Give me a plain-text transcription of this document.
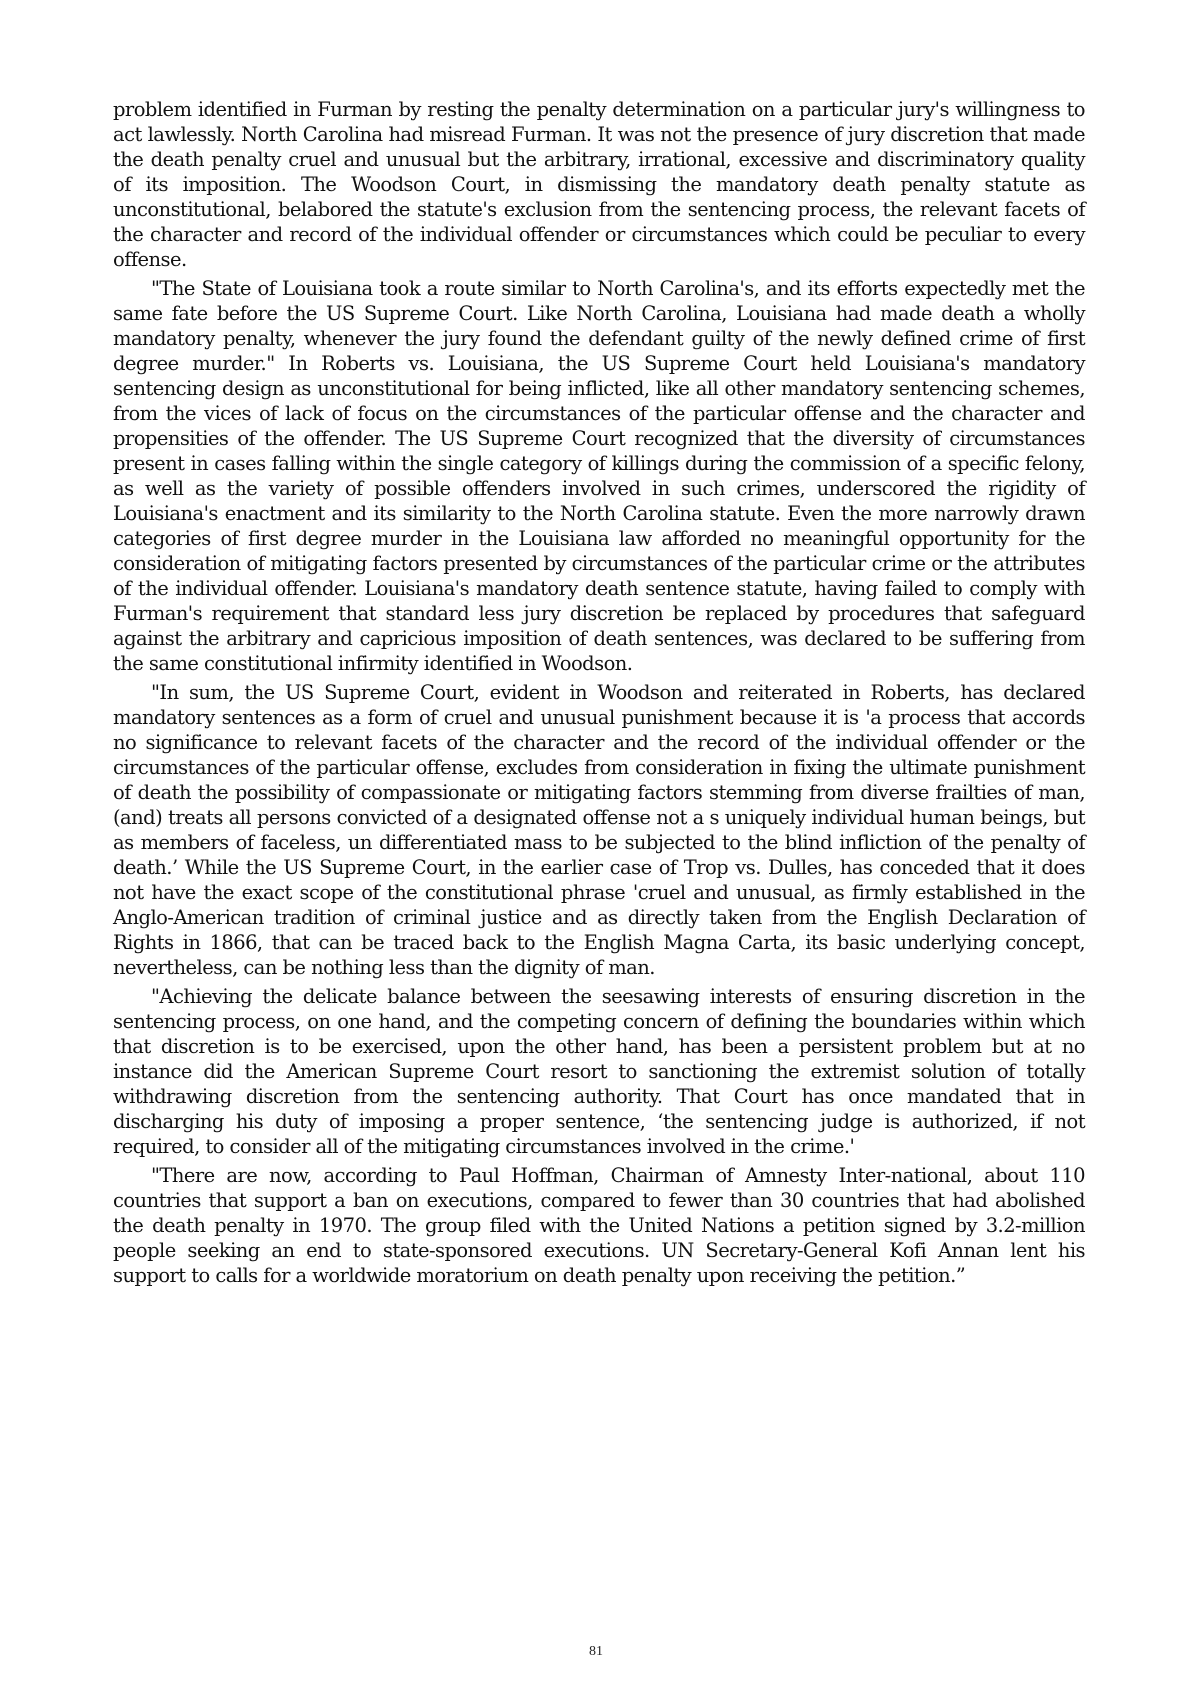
problem identified in Furman by resting the penalty determination on a particular jury's willingness to act lawlessly. North Carolina had misread Furman. It was not the presence of jury discretion that made the death penalty cruel and unusual but the arbitrary, irrational, excessive and discriminatory quality of its imposition. The Woodson Court, in dismissing the mandatory death penalty statute as unconstitutional, belabored the statute's exclusion from the sentencing process, the relevant facets of the character and record of the individual offender or circumstances which could be peculiar to every offense.

"The State of Louisiana took a route similar to North Carolina's, and its efforts expectedly met the same fate before the US Supreme Court. Like North Carolina, Louisiana had made death a wholly mandatory penalty, whenever the jury found the defendant guilty of the newly defined crime of first degree murder." In Roberts vs. Louisiana, the US Supreme Court held Louisiana's mandatory sentencing design as unconstitutional for being inflicted, like all other mandatory sentencing schemes, from the vices of lack of focus on the circumstances of the particular offense and the character and propensities of the offender. The US Supreme Court recognized that the diversity of circumstances present in cases falling within the single category of killings during the commission of a specific felony, as well as the variety of possible offenders involved in such crimes, underscored the rigidity of Louisiana's enactment and its similarity to the North Carolina statute. Even the more narrowly drawn categories of first degree murder in the Louisiana law afforded no meaningful opportunity for the consideration of mitigating factors presented by circumstances of the particular crime or the attributes of the individual offender. Louisiana's mandatory death sentence statute, having failed to comply with Furman's requirement that standard less jury discretion be replaced by procedures that safeguard against the arbitrary and capricious imposition of death sentences, was declared to be suffering from the same constitutional infirmity identified in Woodson.

"In sum, the US Supreme Court, evident in Woodson and reiterated in Roberts, has declared mandatory sentences as a form of cruel and unusual punishment because it is 'a process that accords no significance to relevant facets of the character and the record of the individual offender or the circumstances of the particular offense, excludes from consideration in fixing the ultimate punishment of death the possibility of compassionate or mitigating factors stemming from diverse frailties of man, (and) treats all persons convicted of a designated offense not a s uniquely individual human beings, but as members of faceless, un differentiated mass to be subjected to the blind infliction of the penalty of death.’ While the US Supreme Court, in the earlier case of Trop vs. Dulles, has conceded that it does not have the exact scope of the constitutional phrase 'cruel and unusual, as firmly established in the Anglo-American tradition of criminal justice and as directly taken from the English Declaration of Rights in 1866, that can be traced back to the English Magna Carta, its basic underlying concept, nevertheless, can be nothing less than the dignity of man.

"Achieving the delicate balance between the seesawing interests of ensuring discretion in the sentencing process, on one hand, and the competing concern of defining the boundaries within which that discretion is to be exercised, upon the other hand, has been a persistent problem but at no instance did the American Supreme Court resort to sanctioning the extremist solution of totally withdrawing discretion from the sentencing authority. That Court has once mandated that in discharging his duty of imposing a proper sentence, ‘the sentencing judge is authorized, if not required, to consider all of the mitigating circumstances involved in the crime.'

"There are now, according to Paul Hoffman, Chairman of Amnesty Inter-national, about 110 countries that support a ban on executions, compared to fewer than 30 countries that had abolished the death penalty in 1970. The group filed with the United Nations a petition signed by 3.2-million people seeking an end to state-sponsored executions. UN Secretary-General Kofi Annan lent his support to calls for a worldwide moratorium on death penalty upon receiving the petition.”

81
